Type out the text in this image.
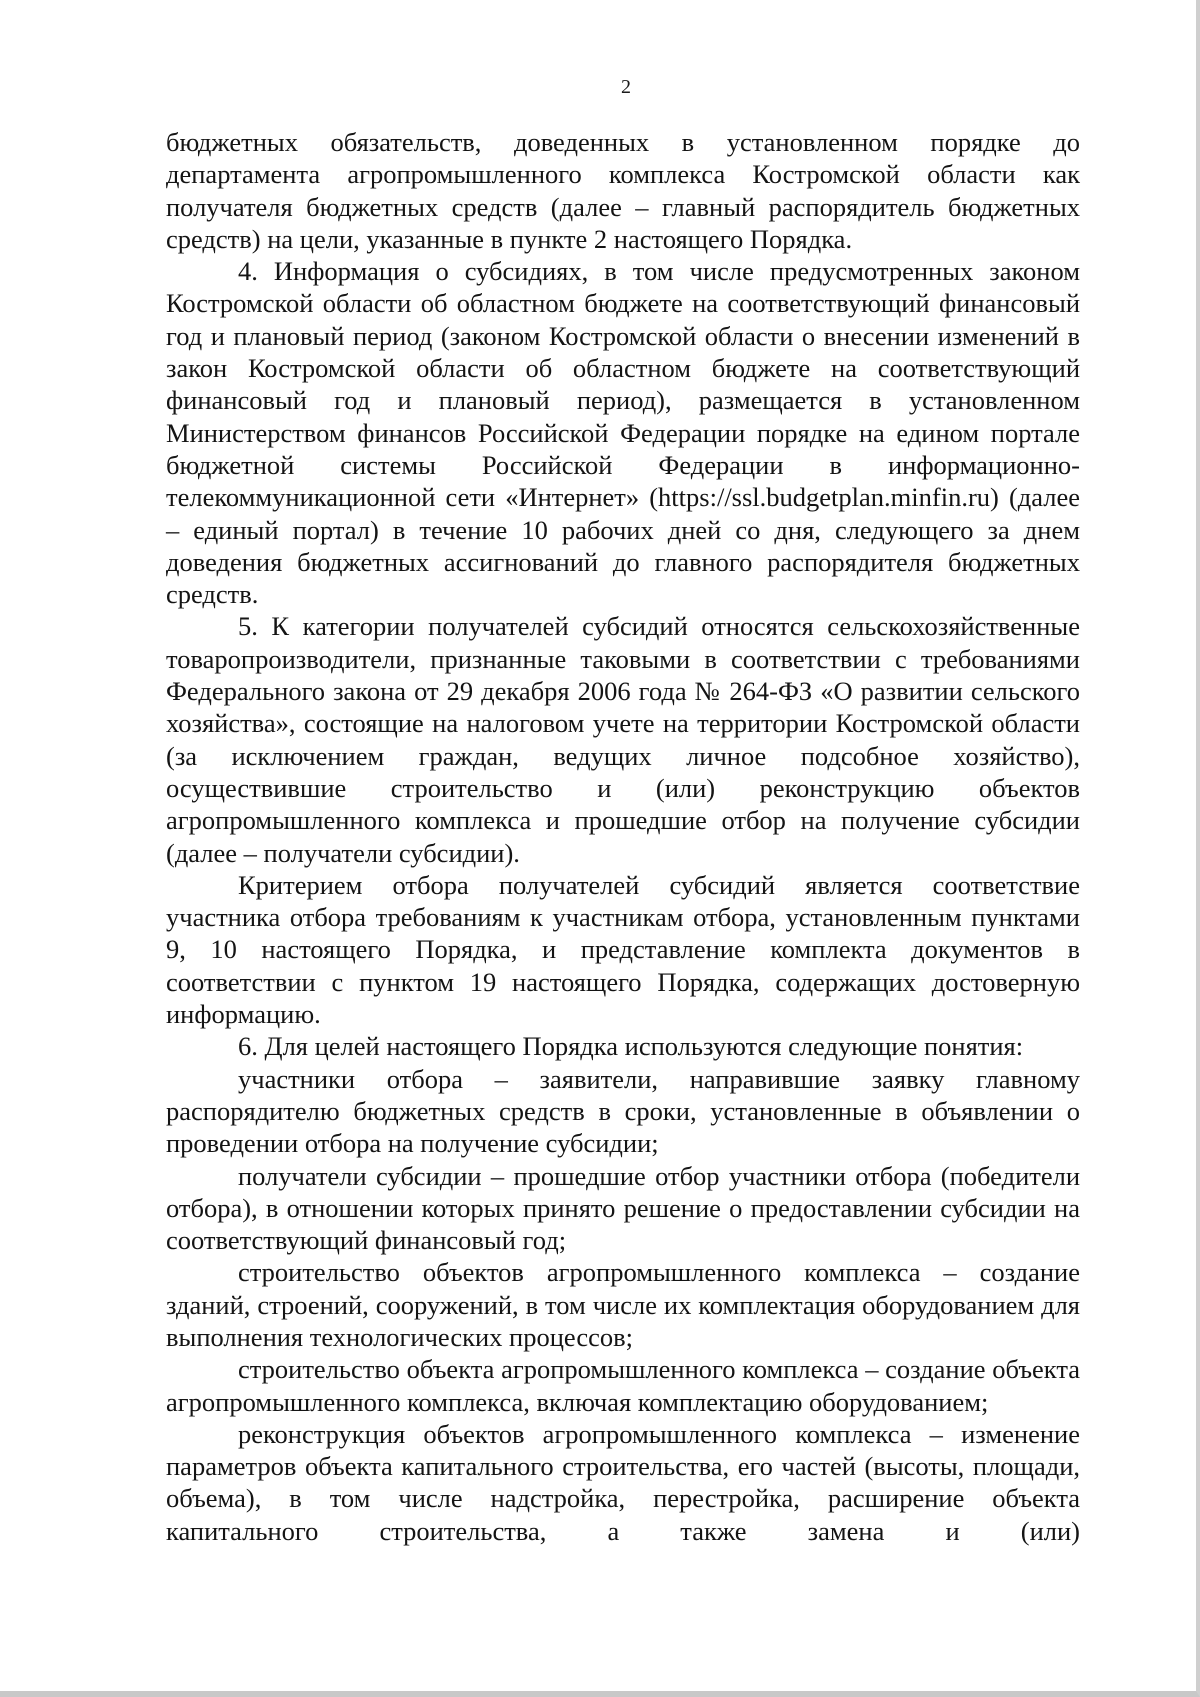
2

бюджетных обязательств, доведенных в установленном порядке до департамента агропромышленного комплекса Костромской области как получателя бюджетных средств (далее – главный распорядитель бюджетных средств) на цели, указанные в пункте 2 настоящего Порядка.

4. Информация о субсидиях, в том числе предусмотренных законом Костромской области об областном бюджете на соответствующий финансовый год и плановый период (законом Костромской области о внесении изменений в закон Костромской области об областном бюджете на соответствующий финансовый год и плановый период), размещается в установленном Министерством финансов Российской Федерации порядке на едином портале бюджетной системы Российской Федерации в информационно-телекоммуникационной сети «Интернет» (https://ssl.budgetplan.minfin.ru) (далее – единый портал) в течение 10 рабочих дней со дня, следующего за днем доведения бюджетных ассигнований до главного распорядителя бюджетных средств.

5. К категории получателей субсидий относятся сельскохозяйственные товаропроизводители, признанные таковыми в соответствии с требованиями Федерального закона от 29 декабря 2006 года № 264-ФЗ «О развитии сельского хозяйства», состоящие на налоговом учете на территории Костромской области (за исключением граждан, ведущих личное подсобное хозяйство), осуществившие строительство и (или) реконструкцию объектов агропромышленного комплекса и прошедшие отбор на получение субсидии (далее – получатели субсидии).

Критерием отбора получателей субсидий является соответствие участника отбора требованиям к участникам отбора, установленным пунктами 9, 10 настоящего Порядка, и представление комплекта документов в соответствии с пунктом 19 настоящего Порядка, содержащих достоверную информацию.

6. Для целей настоящего Порядка используются следующие понятия:

участники отбора – заявители, направившие заявку главному распорядителю бюджетных средств в сроки, установленные в объявлении о проведении отбора на получение субсидии;

получатели субсидии – прошедшие отбор участники отбора (победители отбора), в отношении которых принято решение о предоставлении субсидии на соответствующий финансовый год;

строительство объектов агропромышленного комплекса – создание зданий, строений, сооружений, в том числе их комплектация оборудованием для выполнения технологических процессов;

строительство объекта агропромышленного комплекса – создание объекта агропромышленного комплекса, включая комплектацию оборудованием;

реконструкция объектов агропромышленного комплекса – изменение параметров объекта капитального строительства, его частей (высоты, площади, объема), в том числе надстройка, перестройка, расширение объекта капитального строительства, а также замена и (или)
